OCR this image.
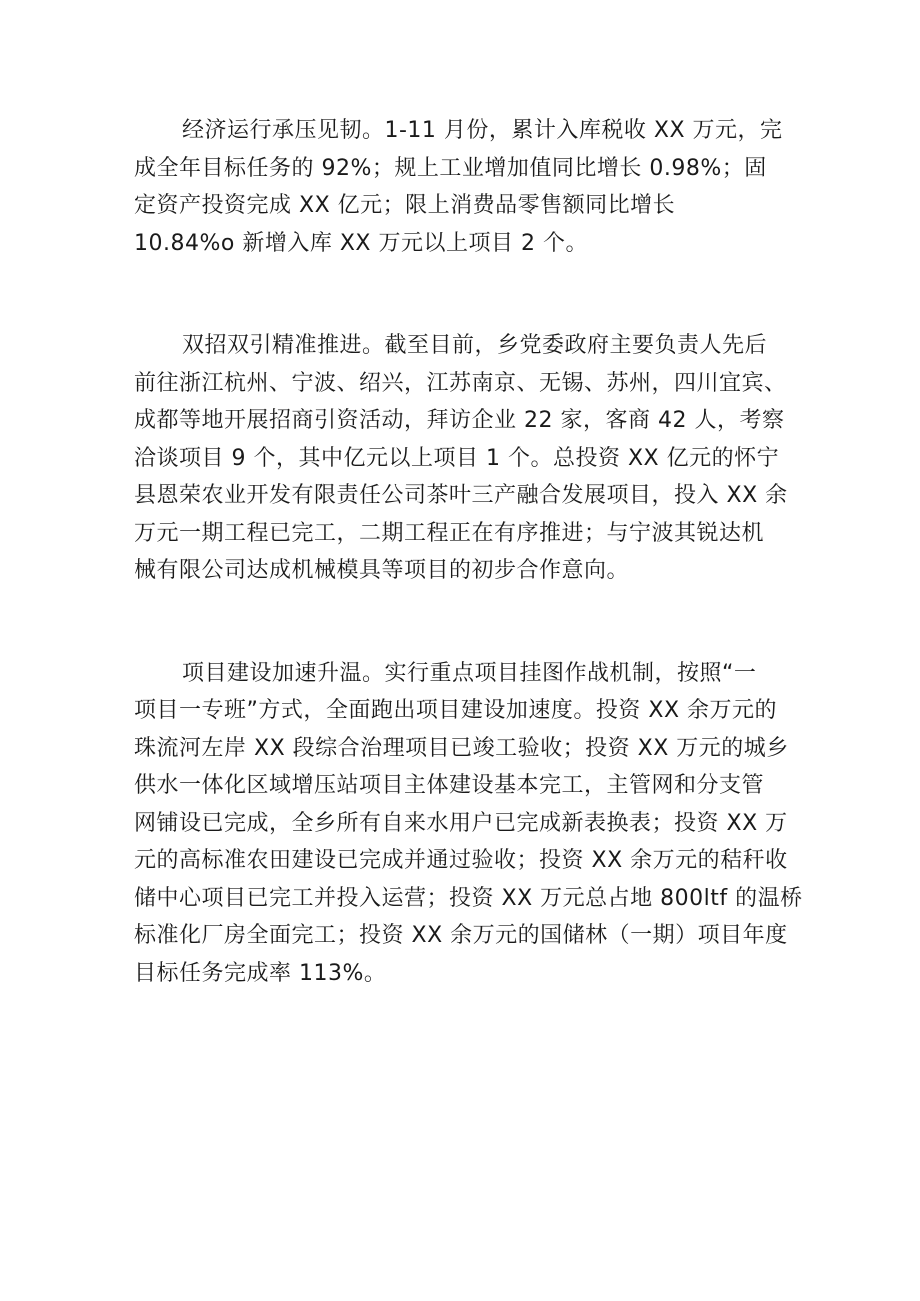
经济运行承压见韧。1-11 月份，累计入库税收 XX 万元，完
成全年目标任务的 92%；规上工业增加值同比增长 0.98%；固
定资产投资完成 XX 亿元；限上消费品零售额同比增长
10.84%o 新增入库 XX 万元以上项目 2 个。

双招双引精准推进。截至目前，乡党委政府主要负责人先后
前往浙江杭州、宁波、绍兴，江苏南京、无锡、苏州，四川宜宾、
成都等地开展招商引资活动，拜访企业 22 家，客商 42 人，考察
洽谈项目 9 个，其中亿元以上项目 1 个。总投资 XX 亿元的怀宁
县恩荣农业开发有限责任公司茶叶三产融合发展项目，投入 XX 余
万元一期工程已完工，二期工程正在有序推进；与宁波其锐达机
械有限公司达成机械模具等项目的初步合作意向。

项目建设加速升温。实行重点项目挂图作战机制，按照“一
项目一专班”方式，全面跑出项目建设加速度。投资 XX 余万元的
珠流河左岸 XX 段综合治理项目已竣工验收；投资 XX 万元的城乡
供水一体化区域增压站项目主体建设基本完工，主管网和分支管
网铺设已完成，全乡所有自来水用户已完成新表换表；投资 XX 万
元的高标准农田建设已完成并通过验收；投资 XX 余万元的秸秆收
储中心项目已完工并投入运营；投资 XX 万元总占地 800ltf 的温桥
标准化厂房全面完工；投资 XX 余万元的国储林（一期）项目年度
目标任务完成率 113%。
